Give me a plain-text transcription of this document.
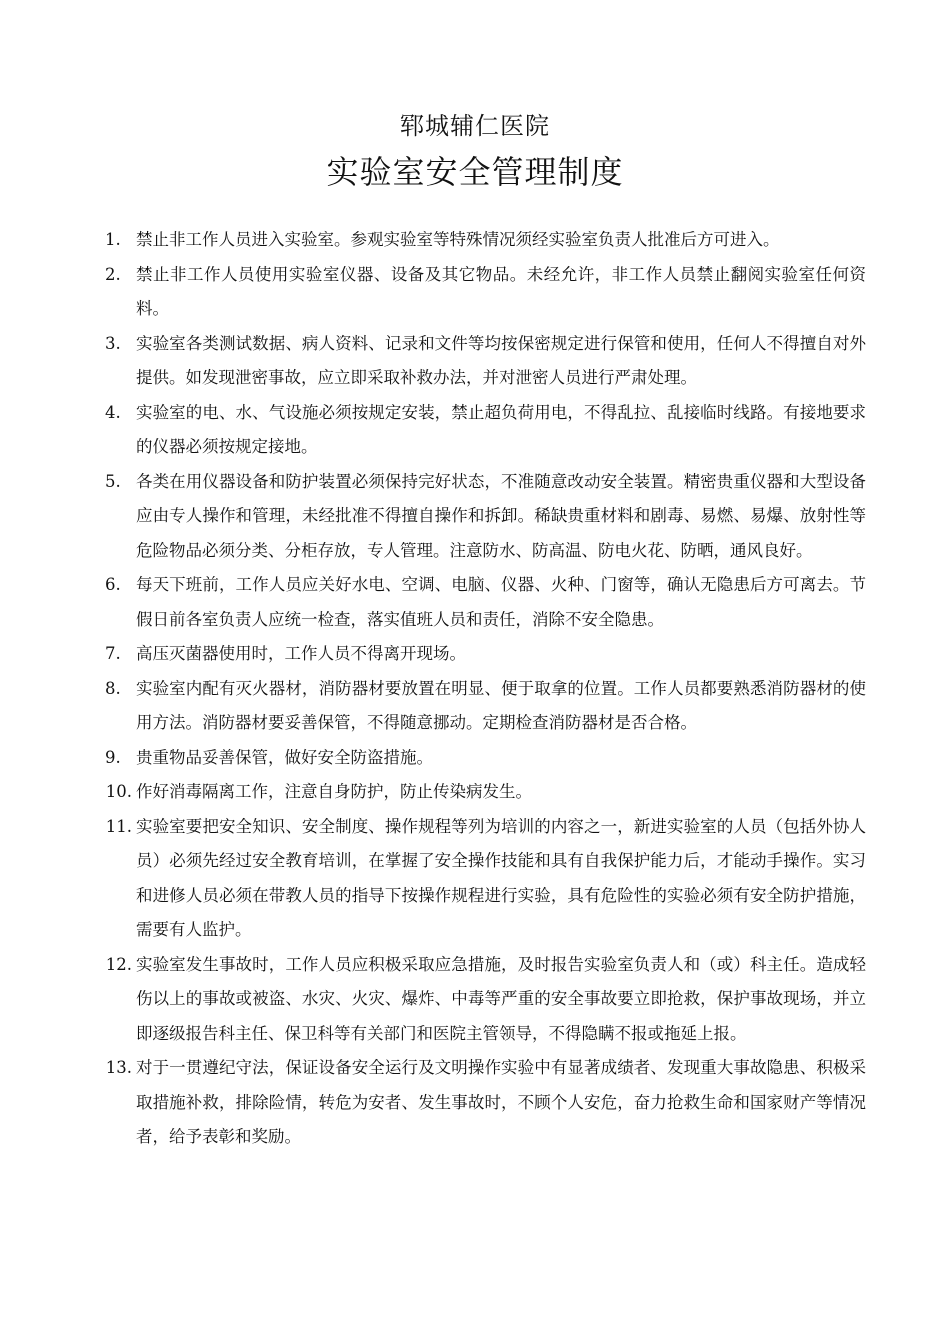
郓城辅仁医院
实验室安全管理制度
1. 禁止非工作人员进入实验室。参观实验室等特殊情况须经实验室负责人批准后方可进入。
2. 禁止非工作人员使用实验室仪器、设备及其它物品。未经允许，非工作人员禁止翻阅实验室任何资料。
3. 实验室各类测试数据、病人资料、记录和文件等均按保密规定进行保管和使用，任何人不得擅自对外提供。如发现泄密事故，应立即采取补救办法，并对泄密人员进行严肃处理。
4. 实验室的电、水、气设施必须按规定安装，禁止超负荷用电，不得乱拉、乱接临时线路。有接地要求的仪器必须按规定接地。
5. 各类在用仪器设备和防护装置必须保持完好状态，不准随意改动安全装置。精密贵重仪器和大型设备应由专人操作和管理，未经批准不得擅自操作和拆卸。稀缺贵重材料和剧毒、易燃、易爆、放射性等危险物品必须分类、分柜存放，专人管理。注意防水、防高温、防电火花、防晒，通风良好。
6. 每天下班前，工作人员应关好水电、空调、电脑、仪器、火种、门窗等，确认无隐患后方可离去。节假日前各室负责人应统一检查，落实值班人员和责任，消除不安全隐患。
7. 高压灭菌器使用时，工作人员不得离开现场。
8. 实验室内配有灭火器材，消防器材要放置在明显、便于取拿的位置。工作人员都要熟悉消防器材的使用方法。消防器材要妥善保管，不得随意挪动。定期检查消防器材是否合格。
9. 贵重物品妥善保管，做好安全防盗措施。
10. 作好消毒隔离工作，注意自身防护，防止传染病发生。
11. 实验室要把安全知识、安全制度、操作规程等列为培训的内容之一，新进实验室的人员（包括外协人员）必须先经过安全教育培训，在掌握了安全操作技能和具有自我保护能力后，才能动手操作。实习和进修人员必须在带教人员的指导下按操作规程进行实验，具有危险性的实验必须有安全防护措施，需要有人监护。
12. 实验室发生事故时，工作人员应积极采取应急措施，及时报告实验室负责人和（或）科主任。造成轻伤以上的事故或被盗、水灾、火灾、爆炸、中毒等严重的安全事故要立即抢救，保护事故现场，并立即逐级报告科主任、保卫科等有关部门和医院主管领导，不得隐瞒不报或拖延上报。
13. 对于一贯遵纪守法，保证设备安全运行及文明操作实验中有显著成绩者、发现重大事故隐患、积极采取措施补救，排除险情，转危为安者、发生事故时，不顾个人安危，奋力抢救生命和国家财产等情况者，给予表彰和奖励。
